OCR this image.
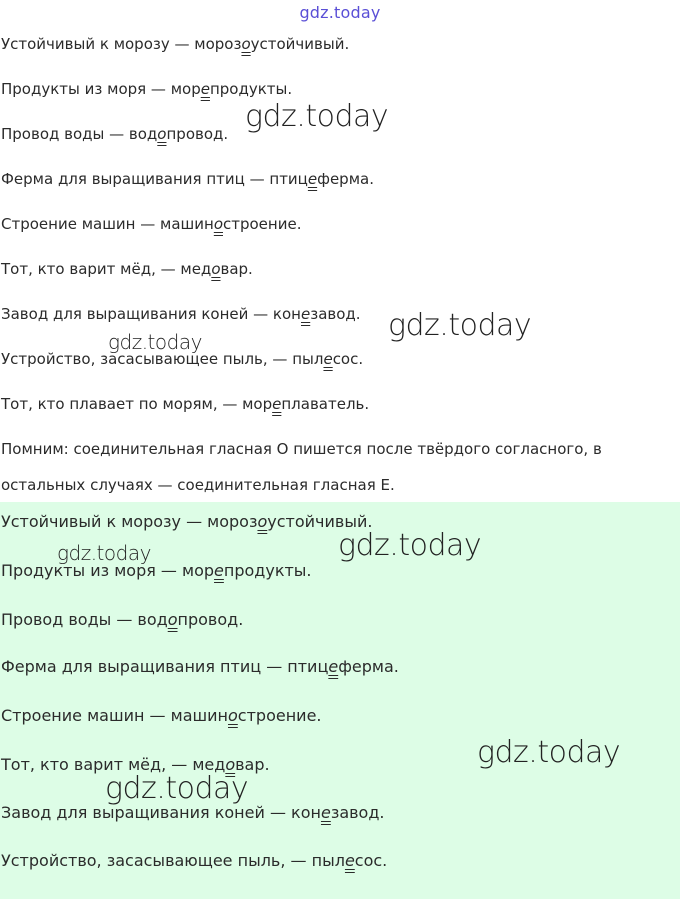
gdz.today
Устойчивый к морозу — морозоустойчивый.
Продукты из моря — морепродукты.
Провод воды — водопровод.
Ферма для выращивания птиц — птицеферма.
Строение машин — машиностроение.
Тот, кто варит мёд, — медовар.
Завод для выращивания коней — конезавод.
Устройство, засасывающее пыль, — пылесос.
Тот, кто плавает по морям, — мореплаватель.
Помним: соединительная гласная О пишется после твёрдого согласного, в
остальных случаях — соединительная гласная Е.
Устойчивый к морозу — морозоустойчивый.
Продукты из моря — морепродукты.
Провод воды — водопровод.
Ферма для выращивания птиц — птицеферма.
Строение машин — машиностроение.
Тот, кто варит мёд, — медовар.
Завод для выращивания коней — конезавод.
Устройство, засасывающее пыль, — пылесос.
gdz.today
gdz.today
gdz.today
gdz.today
gdz.today
gdz.today
gdz.today
